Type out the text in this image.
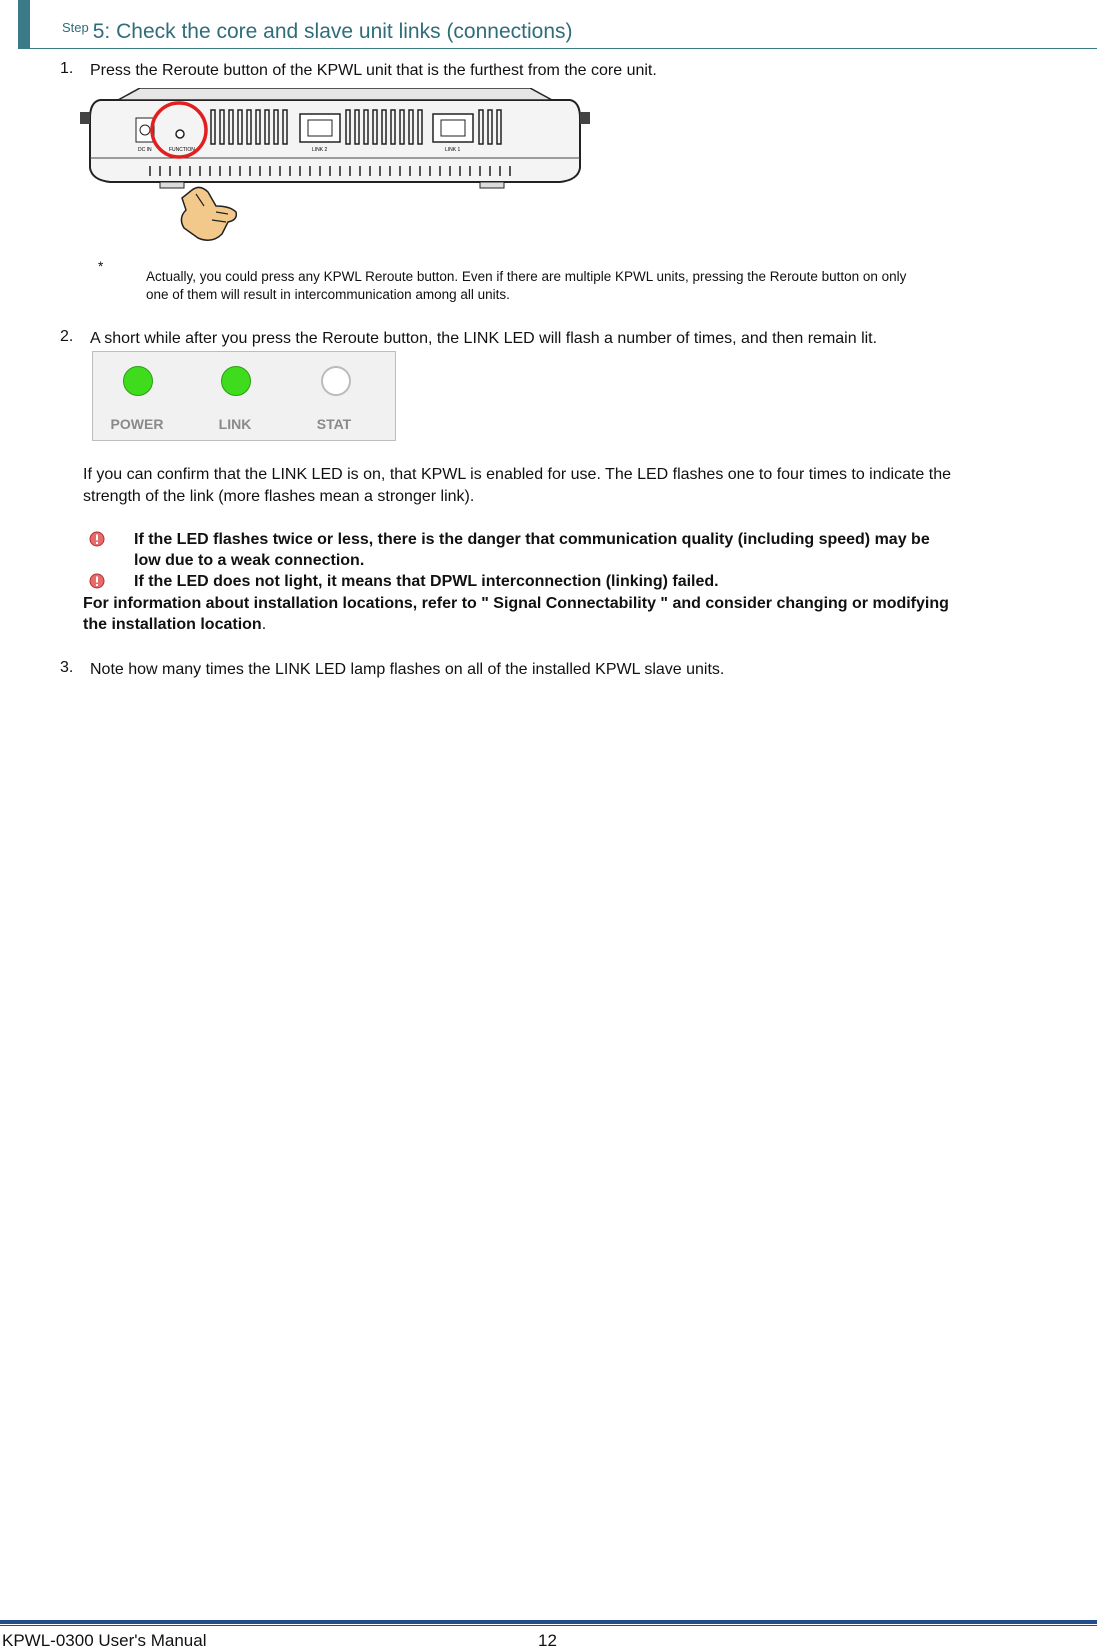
$^{Step}$ 5: Check the core and slave unit links (connections)
1. Press the Reroute button of the KPWL unit that is the furthest from the core unit.
DC IN	FUNCTION	LINK 2	LINK 1
*
Actually, you could press any KPWL Reroute button. Even if there are multiple KPWL units, pressing the Reroute button on only
one of them will result in intercommunication among all units.
2. A short while after you press the Reroute button, the LINK LED will flash a number of times, and then remain lit.
POWER	LINK	STAT
If you can confirm that the LINK LED is on, that KPWL is enabled for use. The LED flashes one to four times to indicate the
strength of the link (more flashes mean a stronger link).
If the LED flashes twice or less, there is the danger that communication quality (including speed) may be
low due to a weak connection.
If the LED does not light, it means that DPWL interconnection (linking) failed.
For information about installation locations, refer to " Signal Connectability " and consider changing or modifying
the installation location.
3. Note how many times the LINK LED lamp flashes on all of the installed KPWL slave units.
KPWL-0300 User's Manual	12
